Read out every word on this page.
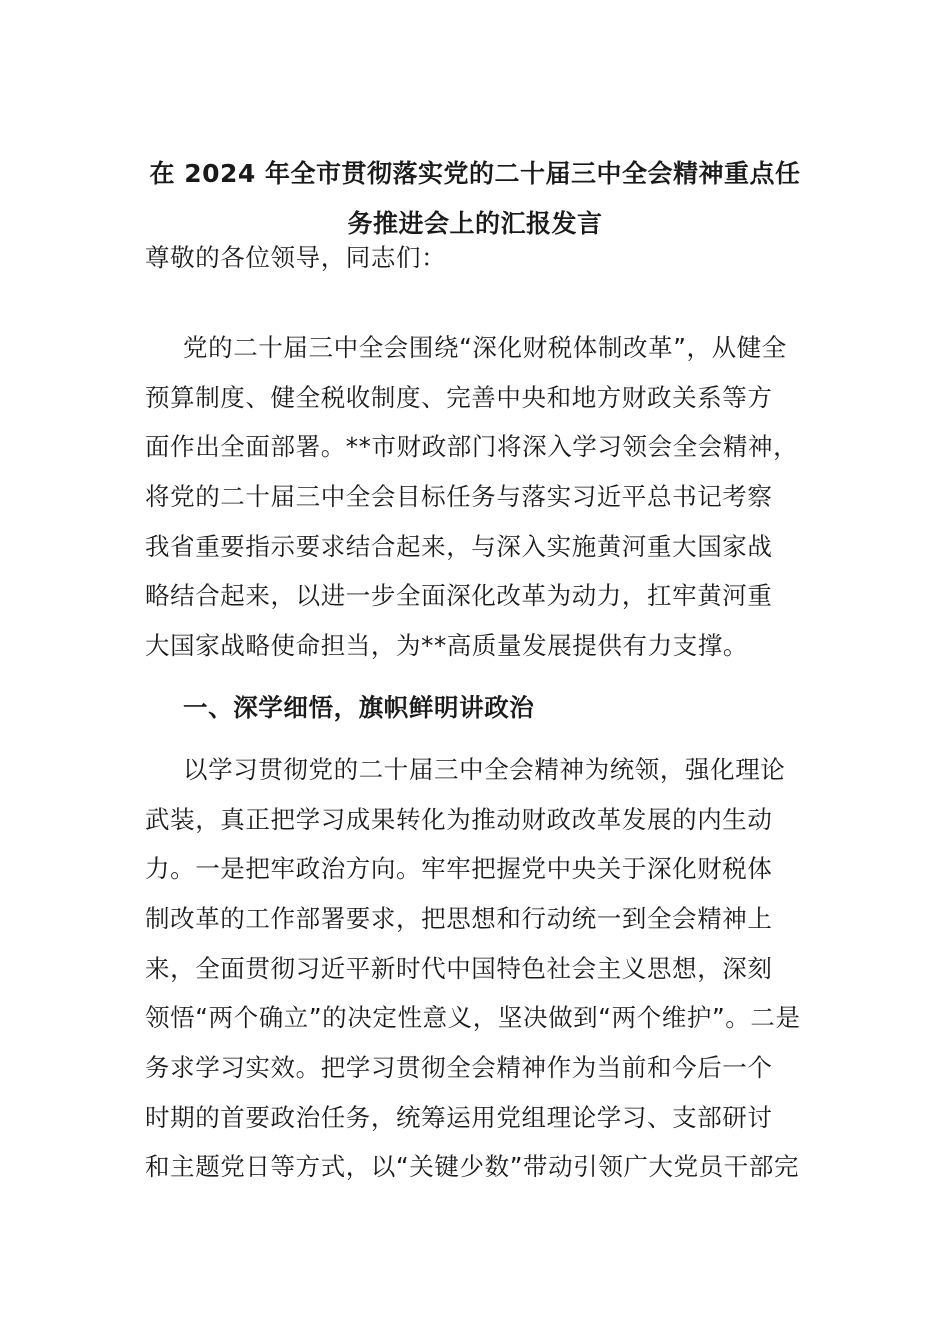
在 2024 年全市贯彻落实党的二十届三中全会精神重点任
务推进会上的汇报发言
尊敬的各位领导，同志们：
党的二十届三中全会围绕“深化财税体制改革”，从健全
预算制度、健全税收制度、完善中央和地方财政关系等方
面作出全面部署。**市财政部门将深入学习领会全会精神，
将党的二十届三中全会目标任务与落实习近平总书记考察
我省重要指示要求结合起来，与深入实施黄河重大国家战
略结合起来，以进一步全面深化改革为动力，扛牢黄河重
大国家战略使命担当，为**高质量发展提供有力支撑。
一、深学细悟，旗帜鲜明讲政治
以学习贯彻党的二十届三中全会精神为统领，强化理论
武装，真正把学习成果转化为推动财政改革发展的内生动
力。一是把牢政治方向。牢牢把握党中央关于深化财税体
制改革的工作部署要求，把思想和行动统一到全会精神上
来，全面贯彻习近平新时代中国特色社会主义思想，深刻
领悟“两个确立”的决定性意义，坚决做到“两个维护”。二是
务求学习实效。把学习贯彻全会精神作为当前和今后一个
时期的首要政治任务，统筹运用党组理论学习、支部研讨
和主题党日等方式，以“关键少数”带动引领广大党员干部完
